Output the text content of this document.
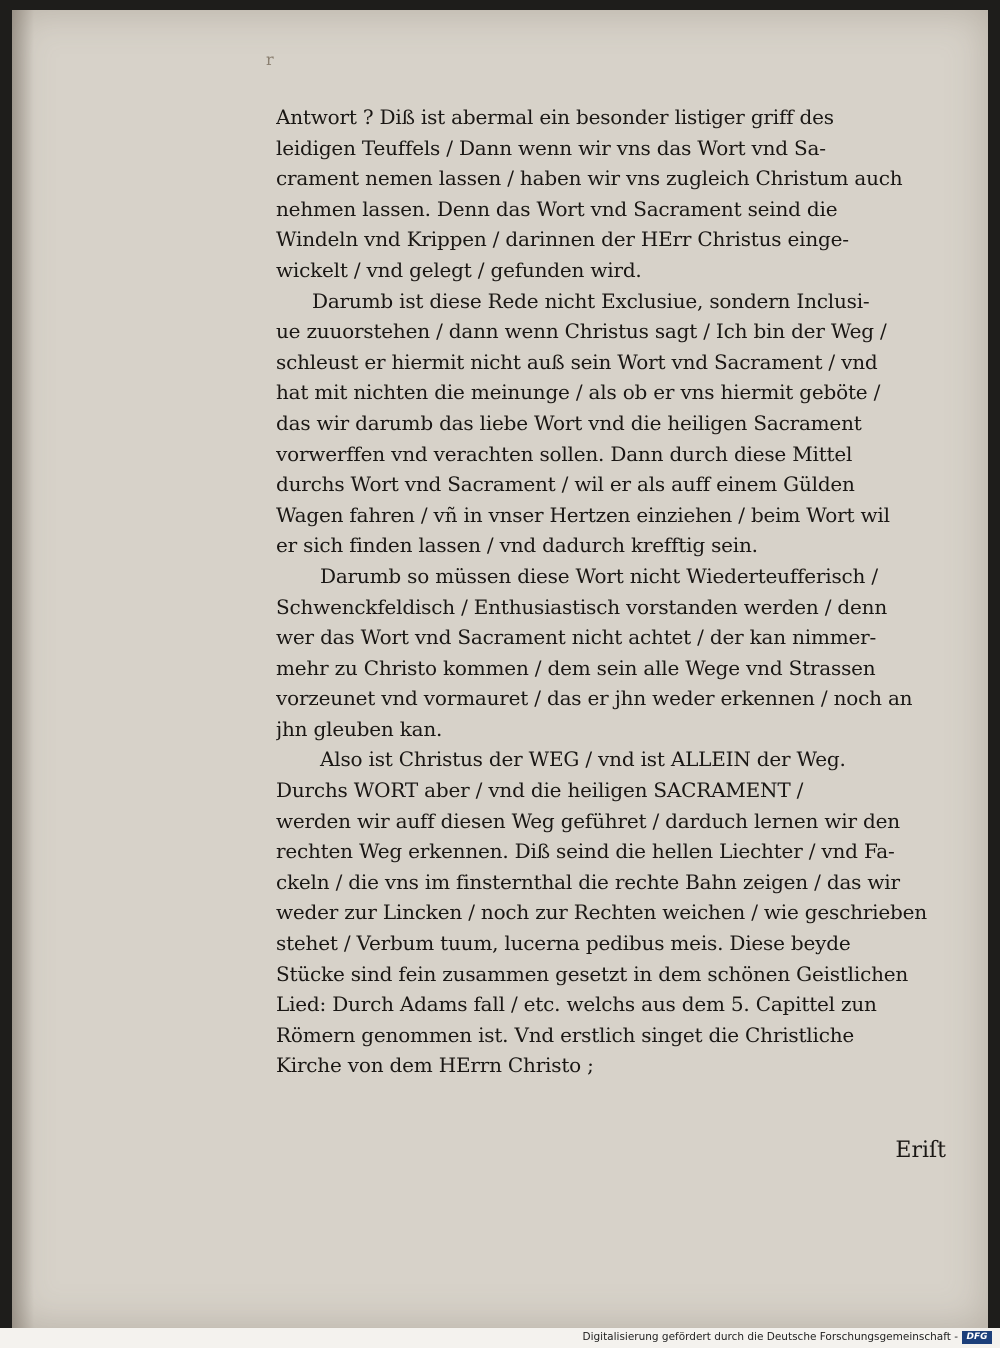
r
Antwort ? Diß ist abermal ein besonder listiger griff des
leidigen Teuffels / Dann wenn wir vns das Wort vnd Sa-
crament nemen lassen / haben wir vns zugleich Christum auch
nehmen lassen. Denn das Wort vnd Sacrament seind die
Windeln vnd Krippen / darinnen der HErr Christus einge-
wickelt / vnd gelegt / gefunden wird.
Darumb ist diese Rede nicht Exclusiue, sondern Inclusi-
ue zuuorstehen / dann wenn Christus sagt / Ich bin der Weg /
schleust er hiermit nicht auß sein Wort vnd Sacrament / vnd
hat mit nichten die meinunge / als ob er vns hiermit geböte /
das wir darumb das liebe Wort vnd die heiligen Sacrament
vorwerffen vnd verachten sollen. Dann durch diese Mittel
durchs Wort vnd Sacrament / wil er als auff einem Gülden
Wagen fahren / vñ in vnser Hertzen einziehen / beim Wort wil
er sich finden lassen / vnd dadurch krefftig sein.
Darumb so müssen diese Wort nicht Wiederteufferisch /
Schwenckfeldisch / Enthusiastisch vorstanden werden / denn
wer das Wort vnd Sacrament nicht achtet / der kan nimmer-
mehr zu Christo kommen / dem sein alle Wege vnd Strassen
vorzeunet vnd vormauret / das er jhn weder erkennen / noch an
jhn gleuben kan.
Also ist Christus der WEG / vnd ist ALLEIN der Weg.
Durchs WORT aber / vnd die heiligen SACRAMENT /
werden wir auff diesen Weg geführet / darduch lernen wir den
rechten Weg erkennen. Diß seind die hellen Liechter / vnd Fa-
ckeln / die vns im finsternthal die rechte Bahn zeigen / das wir
weder zur Lincken / noch zur Rechten weichen / wie geschrieben
stehet / Verbum tuum, lucerna pedibus meis. Diese beyde
Stücke sind fein zusammen gesetzt in dem schönen Geistlichen
Lied: Durch Adams fall / etc. welchs aus dem 5. Capittel zun
Römern genommen ist. Vnd erstlich singet die Christliche
Kirche von dem HErrn Christo ;
Eriſt
Digitalisierung gefördert durch die Deutsche Forschungsgemeinschaft - DFG
